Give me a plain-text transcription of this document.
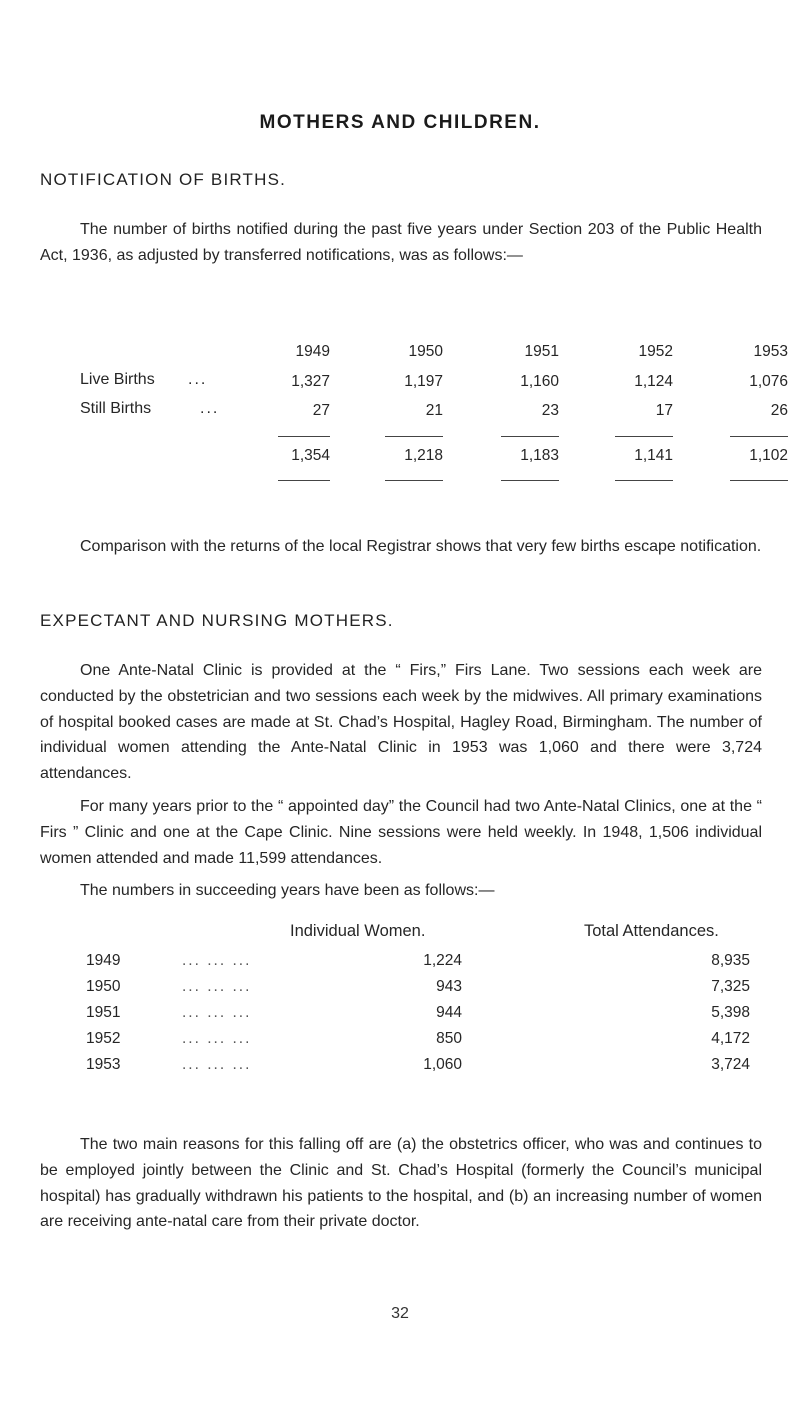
MOTHERS AND CHILDREN.
NOTIFICATION OF BIRTHS.
The number of births notified during the past five years under Section 203 of the Public Health Act, 1936, as adjusted by transferred notifications, was as follows:—
1949	1950	1951	1952	1953
Live Births ...	1,327	1,197	1,160	1,124	1,076
Still Births	...	27	21	23	17	26
1,354	1,218	1,183	1,141	1,102
Comparison with the returns of the local Registrar shows that very few births escape notification.
EXPECTANT AND NURSING MOTHERS.
One Ante-Natal Clinic is provided at the “ Firs,” Firs Lane. Two sessions each week are conducted by the obstetrician and two sessions each week by the midwives. All primary examinations of hospital booked cases are made at St. Chad’s Hospital, Hagley Road, Birmingham. The number of individual women attending the Ante-Natal Clinic in 1953 was 1,060 and there were 3,724 attendances.
For many years prior to the “ appointed day” the Council had two Ante-Natal Clinics, one at the “ Firs ” Clinic and one at the Cape Clinic. Nine sessions were held weekly. In 1948, 1,506 individual women attended and made 11,599 attendances.
The numbers in succeeding years have been as follows:—
Individual Women.	Total Attendances.
1949	... ... ...	1,224	8,935
1950	... ... ...	943	7,325
1951	... ... ...	944	5,398
1952	... ... ...	850	4,172
1953	... ... ...	1,060	3,724
The two main reasons for this falling off are (a) the obstetrics officer, who was and continues to be employed jointly between the Clinic and St. Chad’s Hospital (formerly the Council’s municipal hospital) has gradually withdrawn his patients to the hospital, and (b) an increasing number of women are receiving ante-natal care from their private doctor.
32
